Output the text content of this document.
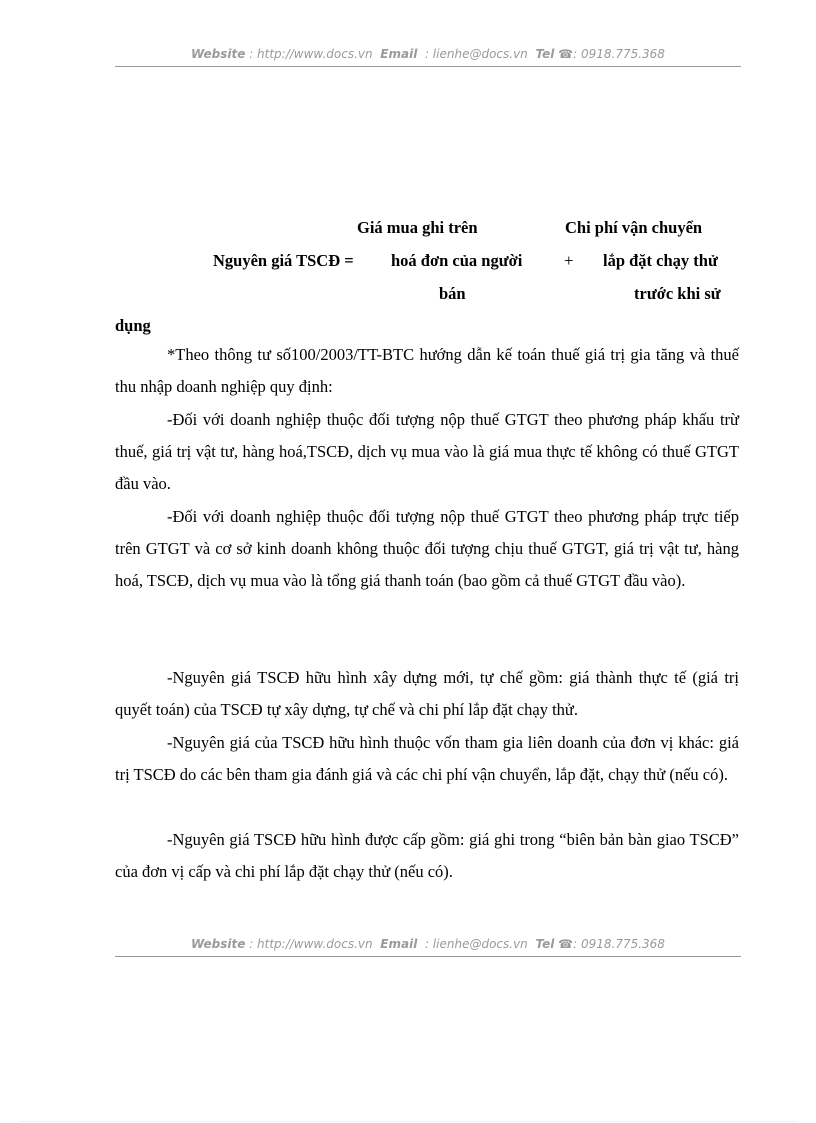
Website : http://www.docs.vn Email : lienhe@docs.vn Tel ☎: 0918.775.368
Giá mua ghi trên	Chi phí vận chuyển
Nguyên giá TSCĐ = hoá đơn của người + lắp đặt chạy thử
bán	trước khi sử
dụng

*Theo thông tư số100/2003/TT-BTC hướng dẫn kế toán thuế giá trị gia tăng và thuế thu nhập doanh nghiệp quy định:

-Đối với doanh nghiệp thuộc đối tượng nộp thuế GTGT theo phương pháp khấu trừ thuế, giá trị vật tư, hàng hoá,TSCĐ, dịch vụ mua vào là giá mua thực tế không có thuế GTGT đầu vào.

-Đối với doanh nghiệp thuộc đối tượng nộp thuế GTGT theo phương pháp trực tiếp trên GTGT và cơ sở kinh doanh không thuộc đối tượng chịu thuế GTGT, giá trị vật tư, hàng hoá, TSCĐ, dịch vụ mua vào là tổng giá thanh toán (bao gồm cả thuế GTGT đầu vào).

-Nguyên giá TSCĐ hữu hình xây dựng mới, tự chế gồm: giá thành thực tế (giá trị quyết toán) của TSCĐ tự xây dựng, tự chế và chi phí lắp đặt chạy thử.

-Nguyên giá của TSCĐ hữu hình thuộc vốn tham gia liên doanh của đơn vị khác: giá trị TSCĐ do các bên tham gia đánh giá và các chi phí vận chuyển, lắp đặt, chạy thử (nếu có).

-Nguyên giá TSCĐ hữu hình được cấp gồm: giá ghi trong “biên bản bàn giao TSCĐ” của đơn vị cấp và chi phí lắp đặt chạy thử (nếu có).

Website : http://www.docs.vn Email : lienhe@docs.vn Tel ☎: 0918.775.368
